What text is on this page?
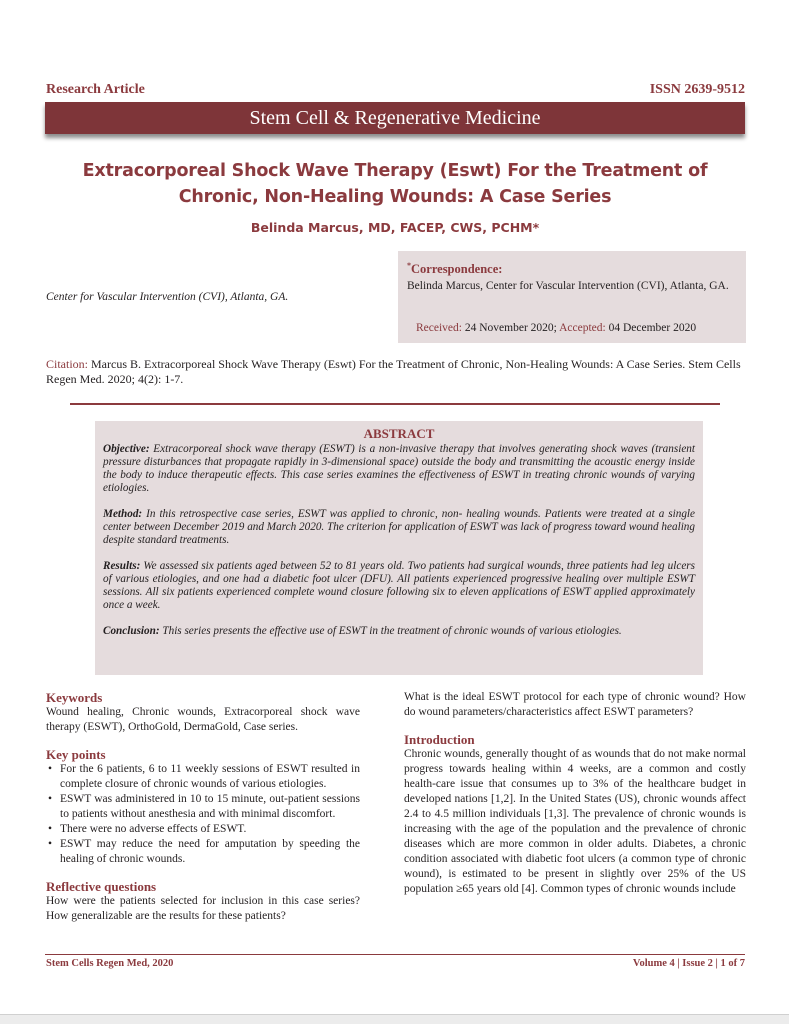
Research Article	ISSN 2639-9512
Stem Cell & Regenerative Medicine
Extracorporeal Shock Wave Therapy (Eswt) For the Treatment of Chronic, Non-Healing Wounds: A Case Series
Belinda Marcus, MD, FACEP, CWS, PCHM*
Center for Vascular Intervention (CVI), Atlanta, GA.
*Correspondence:
Belinda Marcus, Center for Vascular Intervention (CVI), Atlanta, GA.
Received: 24 November 2020; Accepted: 04 December 2020
Citation: Marcus B. Extracorporeal Shock Wave Therapy (Eswt) For the Treatment of Chronic, Non-Healing Wounds: A Case Series. Stem Cells Regen Med. 2020; 4(2): 1-7.
ABSTRACT

Objective: Extracorporeal shock wave therapy (ESWT) is a non-invasive therapy that involves generating shock waves (transient pressure disturbances that propagate rapidly in 3-dimensional space) outside the body and transmitting the acoustic energy inside the body to induce therapeutic effects. This case series examines the effectiveness of ESWT in treating chronic wounds of varying etiologies.

Method: In this retrospective case series, ESWT was applied to chronic, non- healing wounds. Patients were treated at a single center between December 2019 and March 2020. The criterion for application of ESWT was lack of progress toward wound healing despite standard treatments.

Results: We assessed six patients aged between 52 to 81 years old. Two patients had surgical wounds, three patients had leg ulcers of various etiologies, and one had a diabetic foot ulcer (DFU). All patients experienced progressive healing over multiple ESWT sessions. All six patients experienced complete wound closure following six to eleven applications of ESWT applied approximately once a week.

Conclusion: This series presents the effective use of ESWT in the treatment of chronic wounds of various etiologies.

Keywords
Wound healing, Chronic wounds, Extracorporeal shock wave therapy (ESWT), OrthoGold, DermaGold, Case series.
Key points
• For the 6 patients, 6 to 11 weekly sessions of ESWT resulted in complete closure of chronic wounds of various etiologies.
• ESWT was administered in 10 to 15 minute, out-patient sessions to patients without anesthesia and with minimal discomfort.
• There were no adverse effects of ESWT.
• ESWT may reduce the need for amputation by speeding the healing of chronic wounds.
Reflective questions
How were the patients selected for inclusion in this case series? How generalizable are the results for these patients?
What is the ideal ESWT protocol for each type of chronic wound? How do wound parameters/characteristics affect ESWT parameters?
Introduction
Chronic wounds, generally thought of as wounds that do not make normal progress towards healing within 4 weeks, are a common and costly health-care issue that consumes up to 3% of the healthcare budget in developed nations [1,2]. In the United States (US), chronic wounds affect 2.4 to 4.5 million individuals [1,3]. The prevalence of chronic wounds is increasing with the age of the population and the prevalence of chronic diseases which are more common in older adults. Diabetes, a chronic condition associated with diabetic foot ulcers (a common type of chronic wound), is estimated to be present in slightly over 25% of the US population ≥65 years old [4]. Common types of chronic wounds include
Stem Cells Regen Med, 2020	Volume 4 | Issue 2 | 1 of 7
